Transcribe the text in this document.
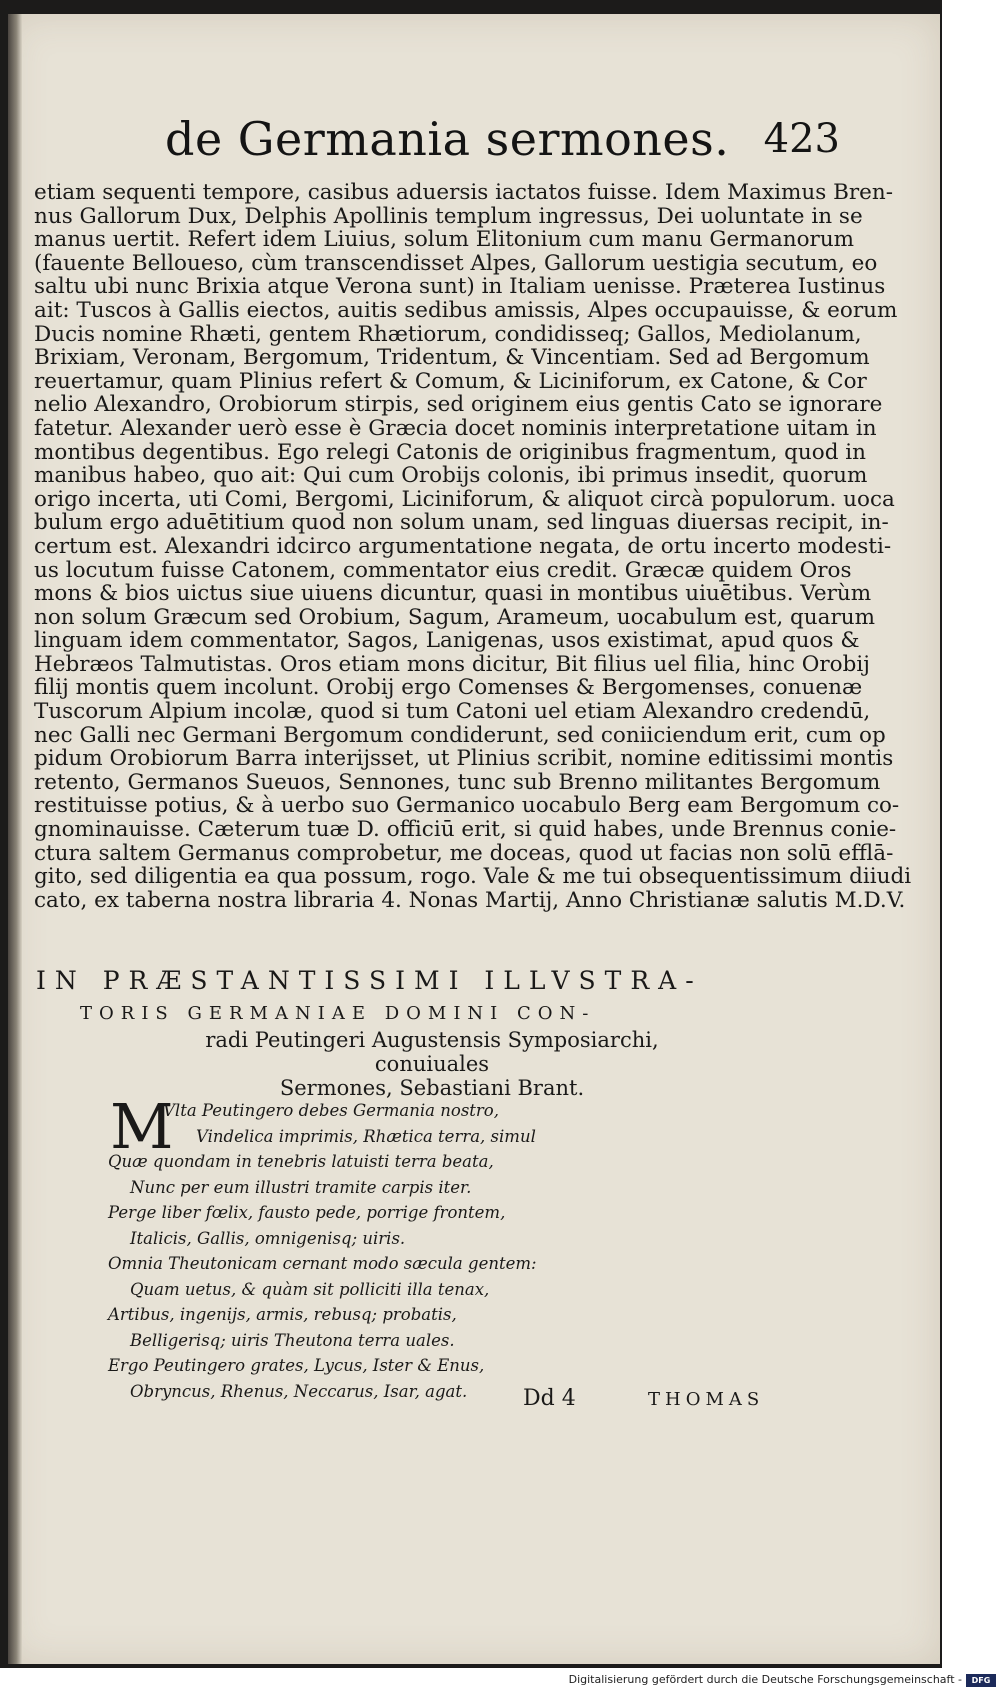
de Germania sermones. 423

etiam sequenti tempore, casibus aduersis iactatos fuisse. Idem Maximus Bren-

nus Gallorum Dux, Delphis Apollinis templum ingressus, Dei uoluntate in se

manus uertit. Refert idem Liuius, solum Elitonium cum manu Germanorum

(fauente Belloueso, cùm transcendisset Alpes, Gallorum uestigia secutum, eo

saltu ubi nunc Brixia atque Verona sunt) in Italiam uenisse. Præterea Iustinus

ait: Tuscos à Gallis eiectos, auitis sedibus amissis, Alpes occupauisse, & eorum

Ducis nomine Rhæti, gentem Rhætiorum, condidisseq; Gallos, Mediolanum,

Brixiam, Veronam, Bergomum, Tridentum, & Vincentiam. Sed ad Bergomum

reuertamur, quam Plinius refert & Comum, & Liciniforum, ex Catone, & Cor

nelio Alexandro, Orobiorum stirpis, sed originem eius gentis Cato se ignorare

fatetur. Alexander uerò esse è Græcia docet nominis interpretatione uitam in

montibus degentibus. Ego relegi Catonis de originibus fragmentum, quod in

manibus habeo, quo ait: Qui cum Orobijs colonis, ibi primus insedit, quorum

origo incerta, uti Comi, Bergomi, Liciniforum, & aliquot circà populorum. uoca

bulum ergo aduētitium quod non solum unam, sed linguas diuersas recipit, in-

certum est. Alexandri idcirco argumentatione negata, de ortu incerto modesti-

us locutum fuisse Catonem, commentator eius credit. Græcæ quidem Oros

mons & bios uictus siue uiuens dicuntur, quasi in montibus uiuētibus. Verùm

non solum Græcum sed Orobium, Sagum, Arameum, uocabulum est, quarum

linguam idem commentator, Sagos, Lanigenas, usos existimat, apud quos &

Hebræos Talmutistas. Oros etiam mons dicitur, Bit filius uel filia, hinc Orobij

filij montis quem incolunt. Orobij ergo Comenses & Bergomenses, conuenæ

Tuscorum Alpium incolæ, quod si tum Catoni uel etiam Alexandro credendū,

nec Galli nec Germani Bergomum condiderunt, sed coniiciendum erit, cum op

pidum Orobiorum Barra interijsset, ut Plinius scribit, nomine editissimi montis

retento, Germanos Sueuos, Sennones, tunc sub Brenno militantes Bergomum

restituisse potius, & à uerbo suo Germanico uocabulo Berg eam Bergomum co-

gnominauisse. Cæterum tuæ D. officiū erit, si quid habes, unde Brennus conie-

ctura saltem Germanus comprobetur, me doceas, quod ut facias non solū efflā-

gito, sed diligentia ea qua possum, rogo. Vale & me tui obsequentissimum diiudi

cato, ex taberna nostra libraria 4. Nonas Martij, Anno Christianæ salutis M.D.V.

IN PRÆSTANTISSIMI ILLVSTRA-
TORIS GERMANIAE DOMINI CON-
radi Peutingeri Augustensis Symposiarchi, conuiuales
Sermones, Sebastiani Brant.
M
Vlta Peutingero debes Germania nostro,
Vindelica imprimis, Rhætica terra, simul
Quæ quondam in tenebris latuisti terra beata,
Nunc per eum illustri tramite carpis iter.
Perge liber fœlix, fausto pede, porrige frontem,
Italicis, Gallis, omnigenisq; uiris.
Omnia Theutonicam cernant modo sæcula gentem:
Quam uetus, & quàm sit polliciti illa tenax,
Artibus, ingenijs, armis, rebusq; probatis,
Belligerisq; uiris Theutona terra uales.
Ergo Peutingero grates, Lycus, Ister & Enus,
Obryncus, Rhenus, Neccarus, Isar, agat.	Dd 4	THOMAS
Digitalisierung gefördert durch die Deutsche Forschungsgemeinschaft -	DFG
